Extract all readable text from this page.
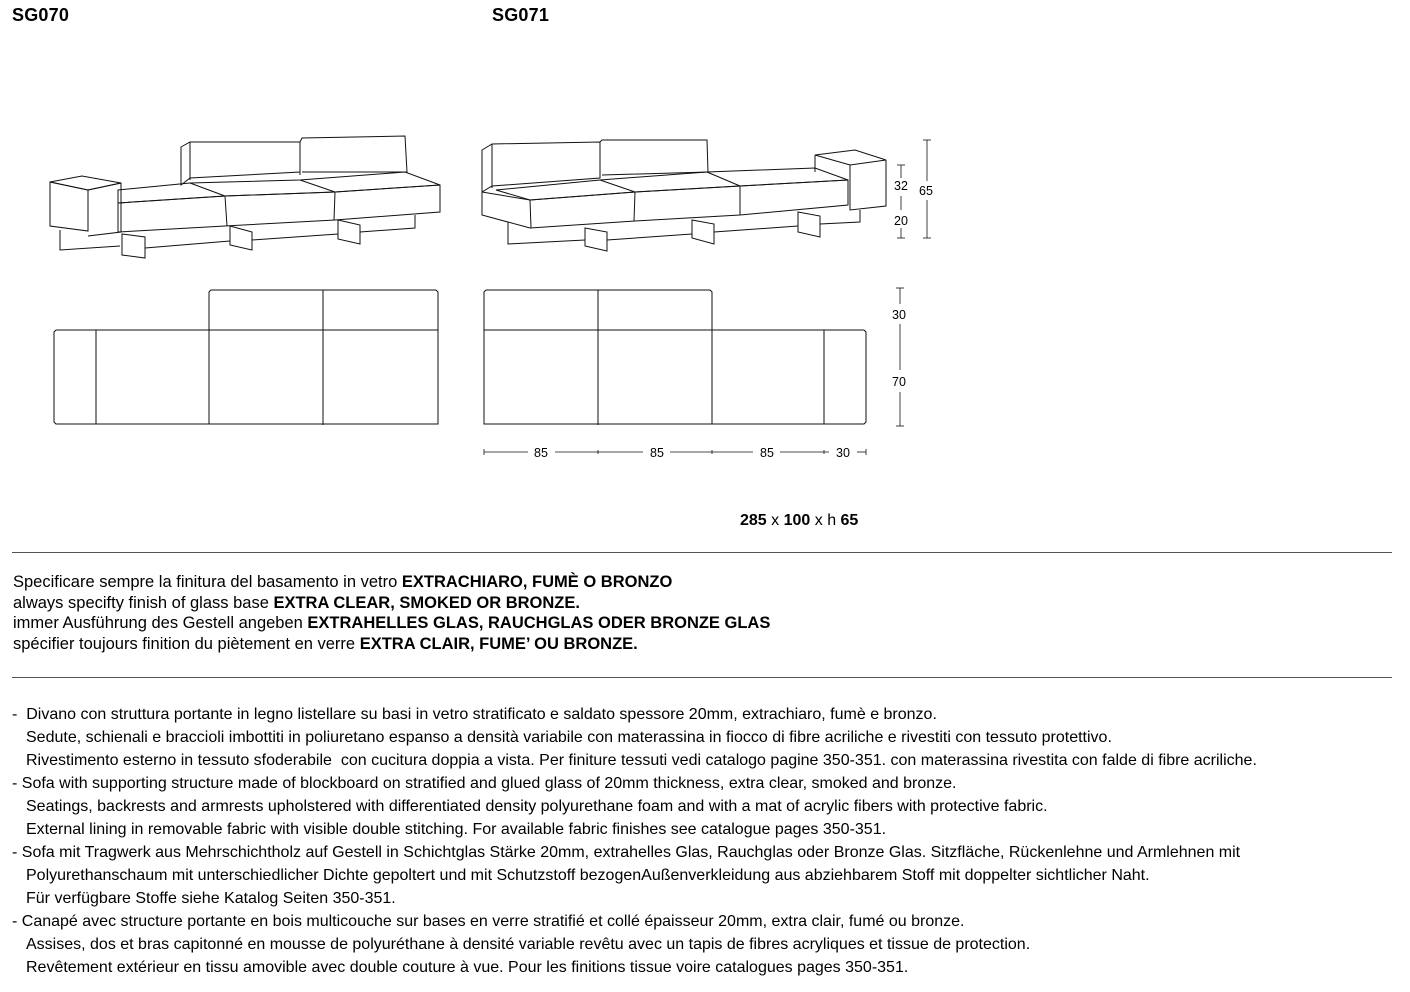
SG070	SG071
32
20
65
30
70
85	85	85	30
285 x 100 x h 65
Specificare sempre la finitura del basamento in vetro EXTRACHIARO, FUMÈ O BRONZO
always specifty finish of glass base EXTRA CLEAR, SMOKED OR BRONZE.
immer Ausführung des Gestell angeben EXTRAHELLES GLAS, RAUCHGLAS ODER BRONZE GLAS
spécifier toujours finition du piètement en verre EXTRA CLAIR, FUME’ OU BRONZE.
-  Divano con struttura portante in legno listellare su basi in vetro stratificato e saldato spessore 20mm, extrachiaro, fumè e bronzo.
Sedute, schienali e braccioli imbottiti in poliuretano espanso a densità variabile con materassina in fiocco di fibre acriliche e rivestiti con tessuto protettivo.
Rivestimento esterno in tessuto sfoderabile  con cucitura doppia a vista. Per finiture tessuti vedi catalogo pagine 350-351. con materassina rivestita con falde di fibre acriliche.
- Sofa with supporting structure made of blockboard on stratified and glued glass of 20mm thickness, extra clear, smoked and bronze.
Seatings, backrests and armrests upholstered with differentiated density polyurethane foam and with a mat of acrylic fibers with protective fabric.
External lining in removable fabric with visible double stitching. For available fabric finishes see catalogue pages 350-351.
- Sofa mit Tragwerk aus Mehrschichtholz auf Gestell in Schichtglas Stärke 20mm, extrahelles Glas, Rauchglas oder Bronze Glas. Sitzfläche, Rückenlehne und Armlehnen mit
Polyurethanschaum mit unterschiedlicher Dichte gepoltert und mit Schutzstoff bezogenAußenverkleidung aus abziehbarem Stoff mit doppelter sichtlicher Naht.
Für verfügbare Stoffe siehe Katalog Seiten 350-351.
- Canapé avec structure portante en bois multicouche sur bases en verre stratifié et collé épaisseur 20mm, extra clair, fumé ou bronze.
Assises, dos et bras capitonné en mousse de polyuréthane à densité variable revêtu avec un tapis de fibres acryliques et tissue de protection.
Revêtement extérieur en tissu amovible avec double couture à vue. Pour les finitions tissue voire catalogues pages 350-351.
